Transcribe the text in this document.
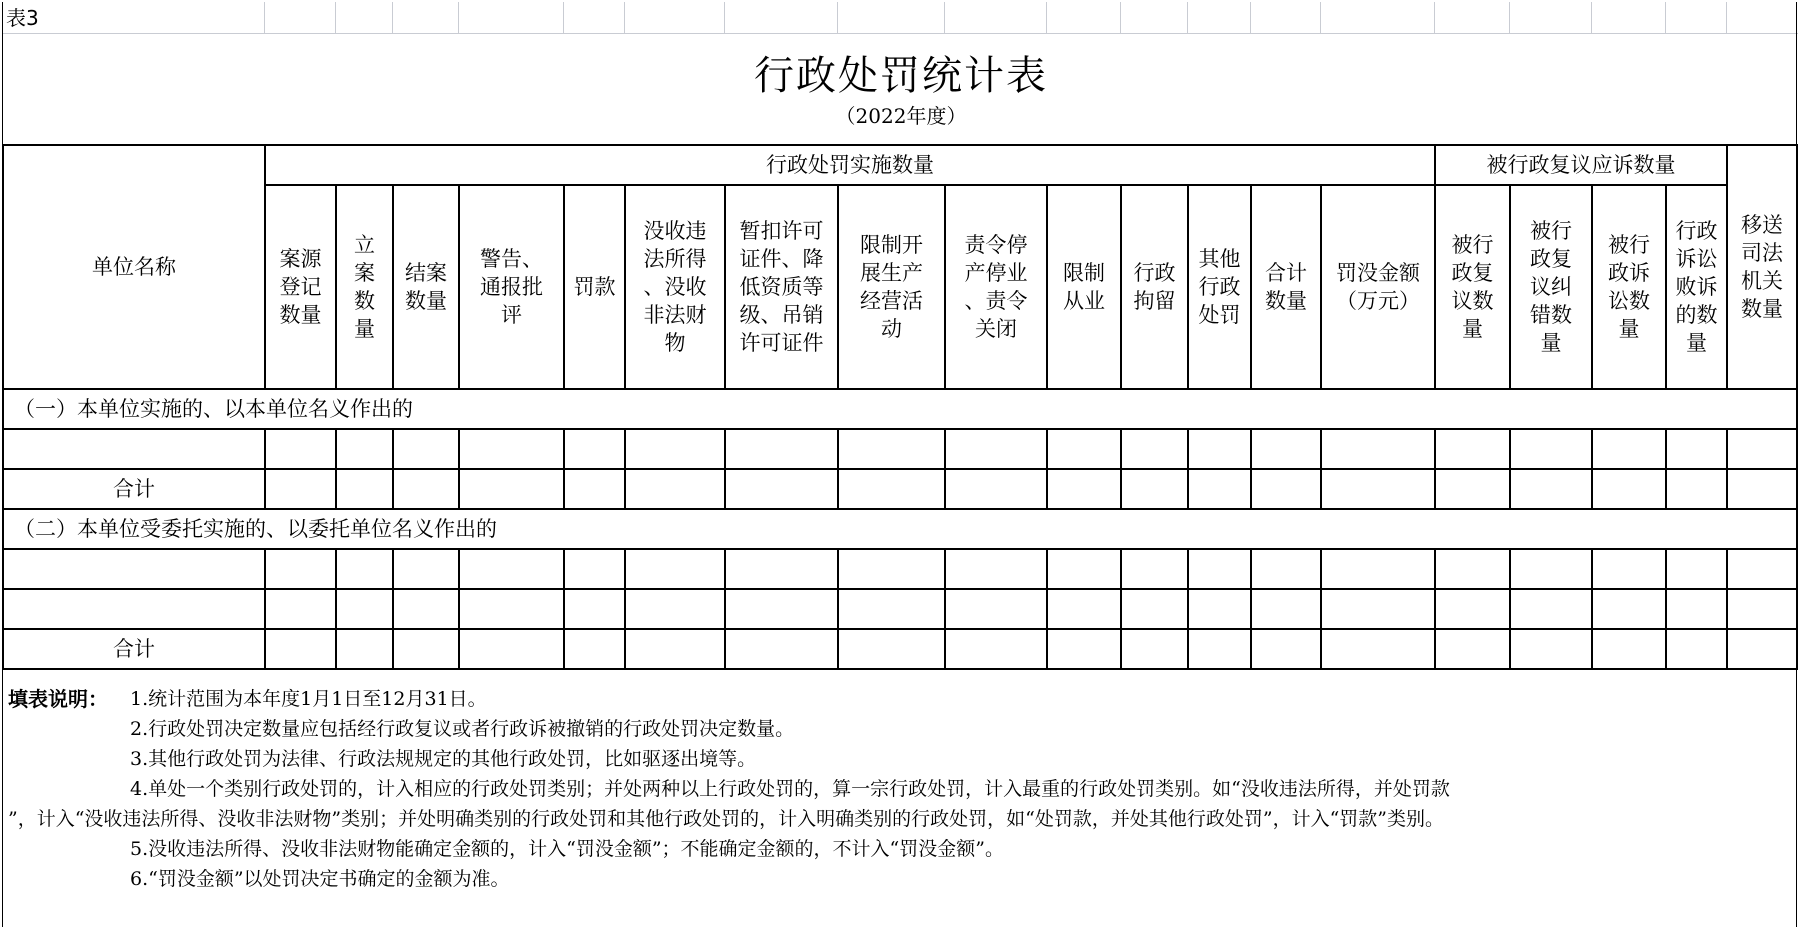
表3
行政处罚统计表
（2022年度）
单位名称
行政处罚实施数量	被行政复议应诉数量
移送
司法
机关
数量
案源
登记
数量
立
案
数
量
结案
数量
警告、
通报批
评
罚款
没收违
法所得
、没收
非法财
物
暂扣许可
证件、降
低资质等
级、吊销
许可证件
限制开
展生产
经营活
动
责令停
产停业
、责令
关闭
限制
从业
行政
拘留
其他
行政
处罚
合计
数量
罚没金额
（万元）
被行
政复
议数
量
被行
政复
议纠
错数
量
被行
政诉
讼数
量
行政
诉讼
败诉
的数
量
（一）本单位实施的、以本单位名义作出的
（二）本单位受委托实施的、以委托单位名义作出的
合计
合计
填表说明： 1.统计范围为本年度1月1日至12月31日。
2.行政处罚决定数量应包括经行政复议或者行政诉被撤销的行政处罚决定数量。
3.其他行政处罚为法律、行政法规规定的其他行政处罚，比如驱逐出境等。
4.单处一个类别行政处罚的，计入相应的行政处罚类别；并处两种以上行政处罚的，算一宗行政处罚，计入最重的行政处罚类别。如“没收违法所得，并处罚款
”，计入“没收违法所得、没收非法财物”类别；并处明确类别的行政处罚和其他行政处罚的，计入明确类别的行政处罚，如“处罚款，并处其他行政处罚”，计入“罚款”类别。
5.没收违法所得、没收非法财物能确定金额的，计入“罚没金额”；不能确定金额的，不计入“罚没金额”。
6.“罚没金额”以处罚决定书确定的金额为准。
